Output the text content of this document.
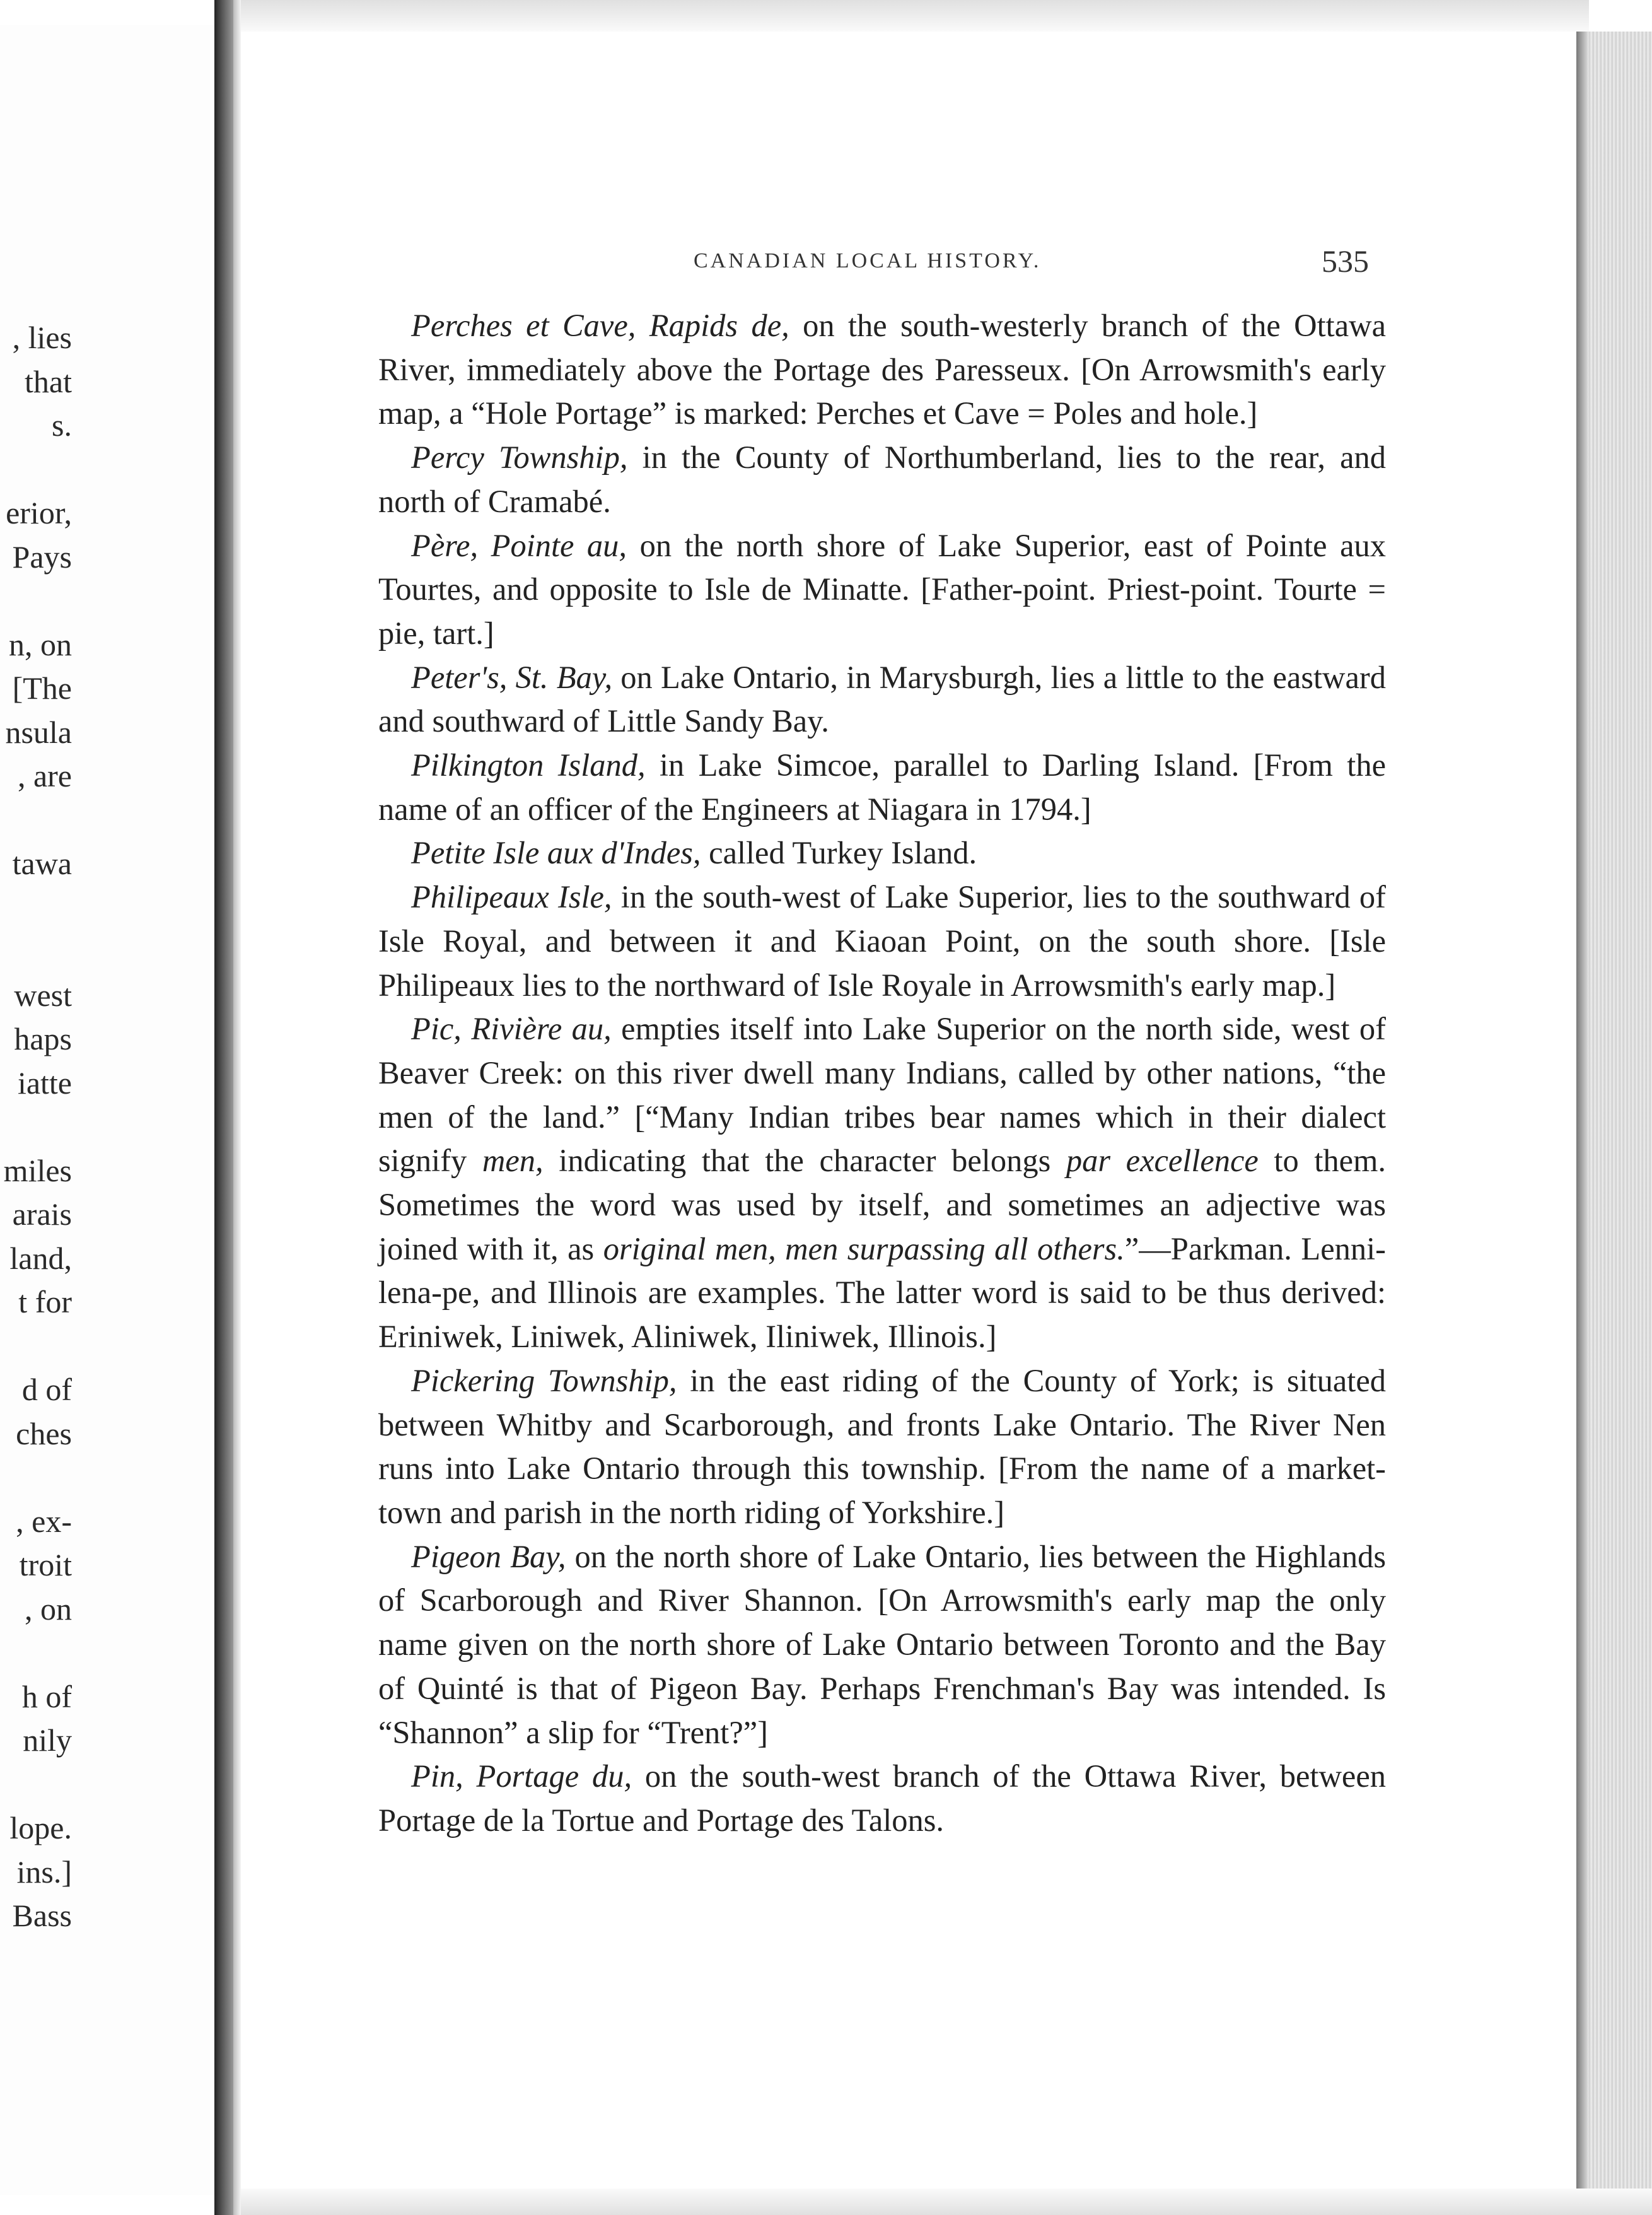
, lies
that
s.
erior,
Pays
n, on
[The
nsula
, are
tawa
west
haps
iatte
miles
arais
land,
t for
d of
ches
, ex-
troit
, on
h of
nily
lope.
ins.]
Bass
CANADIAN LOCAL HISTORY.	535

Perches et Cave, Rapids de, on the south-westerly branch of the Ottawa River, immediately above the Portage des Paresseux. [On Arrowsmith's early map, a “Hole Portage” is marked: Perches et Cave = Poles and hole.]

Percy Township, in the County of Northumberland, lies to the rear, and north of Cramabé.

Père, Pointe au, on the north shore of Lake Superior, east of Pointe aux Tourtes, and opposite to Isle de Minatte. [Father-point. Priest-point. Tourte = pie, tart.]

Peter's, St. Bay, on Lake Ontario, in Marysburgh, lies a little to the eastward and southward of Little Sandy Bay.

Pilkington Island, in Lake Simcoe, parallel to Darling Island. [From the name of an officer of the Engineers at Niagara in 1794.]

Petite Isle aux d'Indes, called Turkey Island.

Philipeaux Isle, in the south-west of Lake Superior, lies to the southward of Isle Royal, and between it and Kiaoan Point, on the south shore. [Isle Philipeaux lies to the northward of Isle Royale in Arrowsmith's early map.]

Pic, Rivière au, empties itself into Lake Superior on the north side, west of Beaver Creek: on this river dwell many Indians, called by other nations, “the men of the land.” [“Many Indian tribes bear names which in their dialect signify men, indicating that the character belongs par excellence to them. Sometimes the word was used by itself, and sometimes an adjective was joined with it, as original men, men surpassing all others.”—Parkman. Lenni-lena-pe, and Illinois are examples. The latter word is said to be thus derived: Eriniwek, Liniwek, Aliniwek, Iliniwek, Illinois.]

Pickering Township, in the east riding of the County of York; is situated between Whitby and Scarborough, and fronts Lake Ontario. The River Nen runs into Lake Ontario through this township. [From the name of a market-town and parish in the north riding of Yorkshire.]

Pigeon Bay, on the north shore of Lake Ontario, lies between the Highlands of Scarborough and River Shannon. [On Arrowsmith's early map the only name given on the north shore of Lake Ontario between Toronto and the Bay of Quinté is that of Pigeon Bay. Perhaps Frenchman's Bay was intended. Is “Shannon” a slip for “Trent?”]

Pin, Portage du, on the south-west branch of the Ottawa River, between Portage de la Tortue and Portage des Talons.
